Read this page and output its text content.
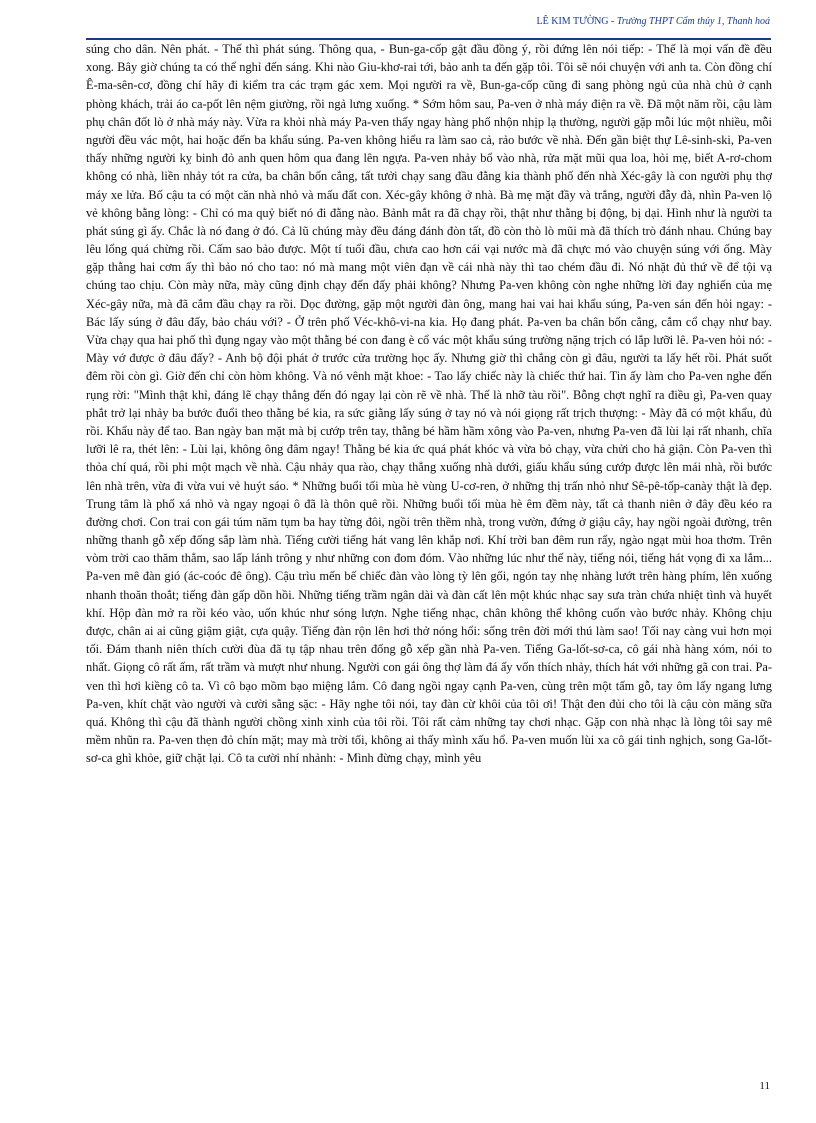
LÊ KIM TƯỜNG - Trường THPT Cẩm thủy 1, Thanh hoá

súng cho dân. Nên phát. - Thế thì phát súng. Thông qua, - Bun-ga-cốp gật đầu đồng ý, rồi đứng lên nói tiếp: - Thế là mọi vấn đề đều xong. Bây giờ chúng ta có thể nghỉ đến sáng. Khi nào Giu-khơ-rai tới, bảo anh ta đến gặp tôi. Tôi sẽ nói chuyện với anh ta. Còn đồng chí Ê-ma-sên-cơ, đồng chí hãy đi kiểm tra các trạm gác xem. Mọi người ra về, Bun-ga-cốp cũng đi sang phòng ngủ của nhà chủ ở cạnh phòng khách, trải áo ca-pốt lên nệm giường, rồi ngả lưng xuống. * Sớm hôm sau, Pa-ven ở nhà máy điện ra về. Đã một năm rồi, cậu làm phụ chân đốt lò ở nhà máy này. Vừa ra khỏi nhà máy Pa-ven thấy ngay hàng phố nhộn nhịp lạ thường, người gặp mỗi lúc một nhiều, mỗi người đều vác một, hai hoặc đến ba khẩu súng. Pa-ven không hiểu ra làm sao cả, rảo bước về nhà. Đến gần biệt thự Lê-sinh-ski, Pa-ven thấy những người kỵ binh đỏ anh quen hôm qua đang lên ngựa. Pa-ven nhảy bổ vào nhà, rửa mặt mũi qua loa, hỏi mẹ, biết A-rơ-chom không có nhà, liền nhảy tót ra cửa, ba chân bốn cẳng, tất tưởi chạy sang đầu đằng kia thành phố đến nhà Xéc-gây là con người phụ thợ máy xe lửa. Bố cậu ta có một căn nhà nhỏ và mấu đất con. Xéc-gây không ở nhà. Bà mẹ mặt đầy và trắng, người đẫy đà, nhìn Pa-ven lộ vẻ không bằng lòng: - Chỉ có ma quỷ biết nó đi đằng nào. Bảnh mắt ra đã chạy rồi, thật như thằng bị động, bị dại. Hình như là người ta phát súng gì ấy. Chắc là nó đang ở đó. Cả lũ chúng mày đều đáng đánh đòn tất, đồ còn thò lò mũi mà đã thích trò đánh nhau. Chúng bay lêu lổng quá chừng rồi. Cấm sao bảo được. Một tí tuổi đầu, chưa cao hơn cái vại nước mà đã chực mó vào chuyện súng với ống. Mày gặp thằng hai cơm ấy thì bảo nó cho tao: nó mà mang một viên đạn về cái nhà này thì tao chém đầu đi. Nó nhặt đủ thứ về để tội vạ chúng tao chịu. Còn mày nữa, mày cũng định chạy đến đấy phải không? Nhưng Pa-ven không còn nghe những lời đay nghiến của mẹ Xéc-gây nữa, mà đã cắm đầu chạy ra rồi. Dọc đường, gặp một người đàn ông, mang hai vai hai khẩu súng, Pa-ven sán đến hỏi ngay: - Bác lấy súng ở đâu đấy, bảo cháu với? - Ở trên phố Véc-khô-vi-na kia. Họ đang phát. Pa-ven ba chân bốn cẳng, cắm cổ chạy như bay. Vừa chạy qua hai phố thì đụng ngay vào một thằng bé con đang è cổ vác một khẩu súng trường nặng trịch có lắp lưỡi lê. Pa-ven hỏi nó: - Mày vớ được ở đâu đấy? - Anh bộ đội phát ở trước cửa trường học ấy. Nhưng giờ thì chẳng còn gì đâu, người ta lấy hết rồi. Phát suốt đêm rồi còn gì. Giờ đến chỉ còn hòm không. Và nó vênh mặt khoe: - Tao lấy chiếc này là chiếc thứ hai. Tin ấy làm cho Pa-ven nghe đến rụng rời: "Mình thật khỉ, đáng lẽ chạy thẳng đến đó ngay lại còn rẽ về nhà. Thế là nhỡ tàu rồi". Bỗng chợt nghĩ ra điều gì, Pa-ven quay phắt trở lại nhảy ba bước đuổi theo thằng bé kia, ra sức giằng lấy súng ở tay nó và nói giọng rất trịch thượng: - Mày đã có một khẩu, đủ rồi. Khẩu này để tao. Ban ngày ban mặt mà bị cướp trên tay, thằng bé hầm hầm xông vào Pa-ven, nhưng Pa-ven đã lùi lại rất nhanh, chĩa lưỡi lê ra, thét lên: - Lùi lại, không ông đâm ngay! Thằng bé kia ức quá phát khóc và vừa bỏ chạy, vừa chửi cho hả giận. Còn Pa-ven thì thỏa chí quá, rồi phi một mạch về nhà. Cậu nhảy qua rào, chạy thẳng xuống nhà dưới, giấu khẩu súng cướp được lên mái nhà, rồi bước lên nhà trên, vừa đi vừa vui vẻ huýt sáo. * Những buổi tối mùa hè vùng U-cơ-ren, ở những thị trấn nhỏ như Sê-pê-tốp-canày thật là đẹp. Trung tâm là phố xá nhỏ và ngay ngoại ô đã là thôn quê rồi. Những buổi tối mùa hè êm đềm này, tất cả thanh niên ở đây đều kéo ra đường chơi. Con trai con gái túm năm tụm ba hay từng đôi, ngồi trên thềm nhà, trong vườn, đứng ở giậu cây, hay ngồi ngoài đường, trên những thanh gỗ xếp đống sắp làm nhà. Tiếng cười tiếng hát vang lên khắp nơi. Khí trời ban đêm run rẩy, ngào ngạt mùi hoa thơm. Trên vòm trời cao thăm thẳm, sao lấp lánh trông y như những con đom đóm. Vào những lúc như thế này, tiếng nói, tiếng hát vọng đi xa lắm... Pa-ven mê đàn gió (ác-coóc đê ông). Cậu trìu mến bế chiếc đàn vào lòng tỳ lên gối, ngón tay nhẹ nhàng lướt trên hàng phím, lên xuống nhanh thoăn thoắt; tiếng đàn gấp dồn hồi. Những tiếng trầm ngân dài và đàn cất lên một khúc nhạc say sưa tràn chứa nhiệt tình và huyết khí. Hộp đàn mở ra rồi kéo vào, uốn khúc như sóng lượn. Nghe tiếng nhạc, chân không thể không cuốn vào bước nhảy. Không chịu được, chân ai ai cũng giậm giật, cựa quậy. Tiếng đàn rộn lên hơi thở nóng hổi: sống trên đời mới thú làm sao! Tối nay càng vui hơn mọi tối. Đám thanh niên thích cười đùa đã tụ tập nhau trên đống gỗ xếp gần nhà Pa-ven. Tiếng Ga-lốt-sơ-ca, cô gái nhà hàng xóm, nói to nhất. Giọng cô rất ấm, rất trầm và mượt như nhung. Người con gái ông thợ làm đá ấy vốn thích nhảy, thích hát với những gã con trai. Pa-ven thì hơi kiềng cô ta. Vì cô bạo mồm bạo miệng lắm. Cô đang ngồi ngay cạnh Pa-ven, cùng trên một tấm gỗ, tay ôm lấy ngang lưng Pa-ven, khít chặt vào người và cười sằng sặc: - Hãy nghe tôi nói, tay đàn cừ khôi của tôi ơi! Thật đen đủi cho tôi là cậu còn măng sữa quá. Không thì cậu đã thành người chồng xinh xinh của tôi rồi. Tôi rất cảm những tay chơi nhạc. Gặp con nhà nhạc là lòng tôi say mê mềm nhũn ra. Pa-ven thẹn đỏ chín mặt; may mà trời tối, không ai thấy mình xấu hổ. Pa-ven muốn lùi xa cô gái tinh nghịch, song Ga-lốt-sơ-ca ghì khỏe, giữ chặt lại. Cô ta cười nhí nhảnh: - Mình đừng chạy, mình yêu

11
